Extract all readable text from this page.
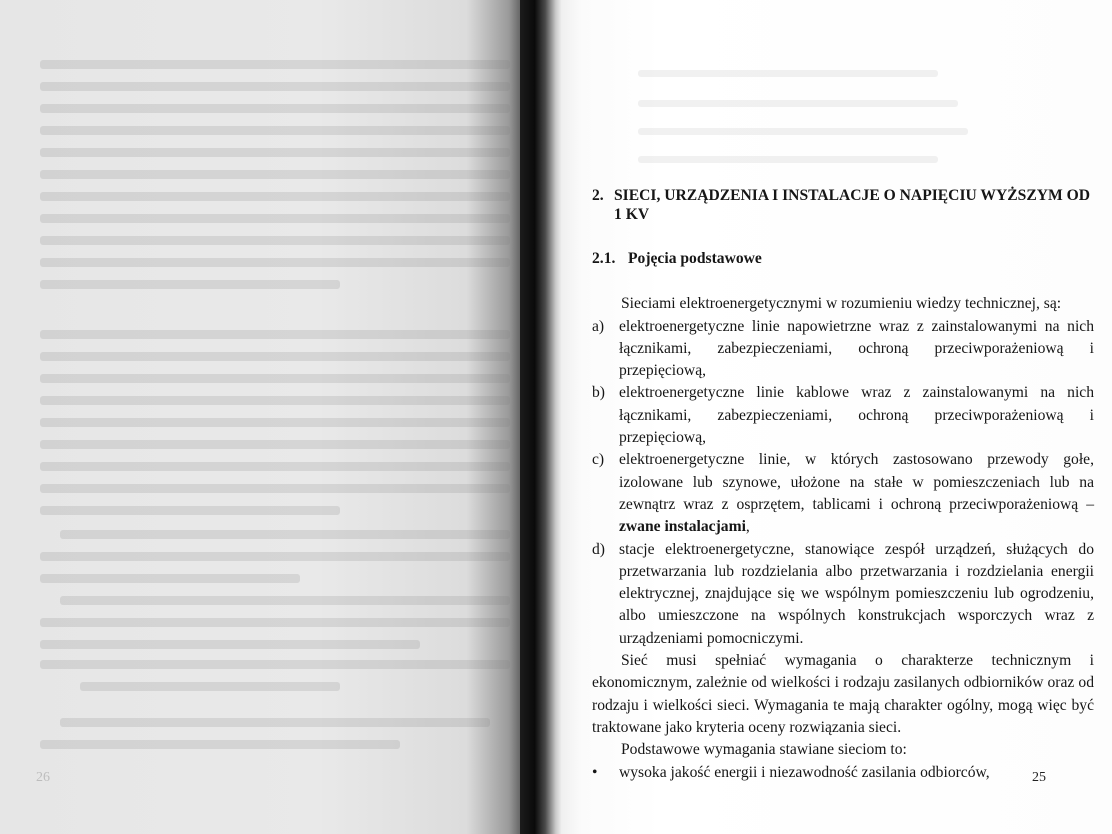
26
2. SIECI, URZĄDZENIA I INSTALACJE O NAPIĘCIU WYŻSZYM OD 1 KV
2.1. Pojęcia podstawowe

Sieciami elektroenergetycznymi w rozumieniu wiedzy technicznej, są:

a) elektroenergetyczne linie napowietrzne wraz z zainstalowanymi na nich łącznikami, zabezpieczeniami, ochroną przeciwporażeniową i przepięciową,
b) elektroenergetyczne linie kablowe wraz z zainstalowanymi na nich łącznikami, zabezpieczeniami, ochroną przeciwporażeniową i przepięciową,
c) elektroenergetyczne linie, w których zastosowano przewody gołe, izolowane lub szynowe, ułożone na stałe w pomieszczeniach lub na zewnątrz wraz z osprzętem, tablicami i ochroną przeciwporażeniową – zwane instalacjami,
d) stacje elektroenergetyczne, stanowiące zespół urządzeń, służących do przetwarzania lub rozdzielania albo przetwarzania i rozdzielania energii elektrycznej, znajdujące się we wspólnym pomieszczeniu lub ogrodzeniu, albo umieszczone na wspólnych konstrukcjach wsporczych wraz z urządzeniami pomocniczymi.

Sieć musi spełniać wymagania o charakterze technicznym i ekonomicznym, zależnie od wielkości i rodzaju zasilanych odbiorników oraz od rodzaju i wielkości sieci. Wymagania te mają charakter ogólny, mogą więc być traktowane jako kryteria oceny rozwiązania sieci.

Podstawowe wymagania stawiane sieciom to:

•	wysoka jakość energii i niezawodność zasilania odbiorców,	25
